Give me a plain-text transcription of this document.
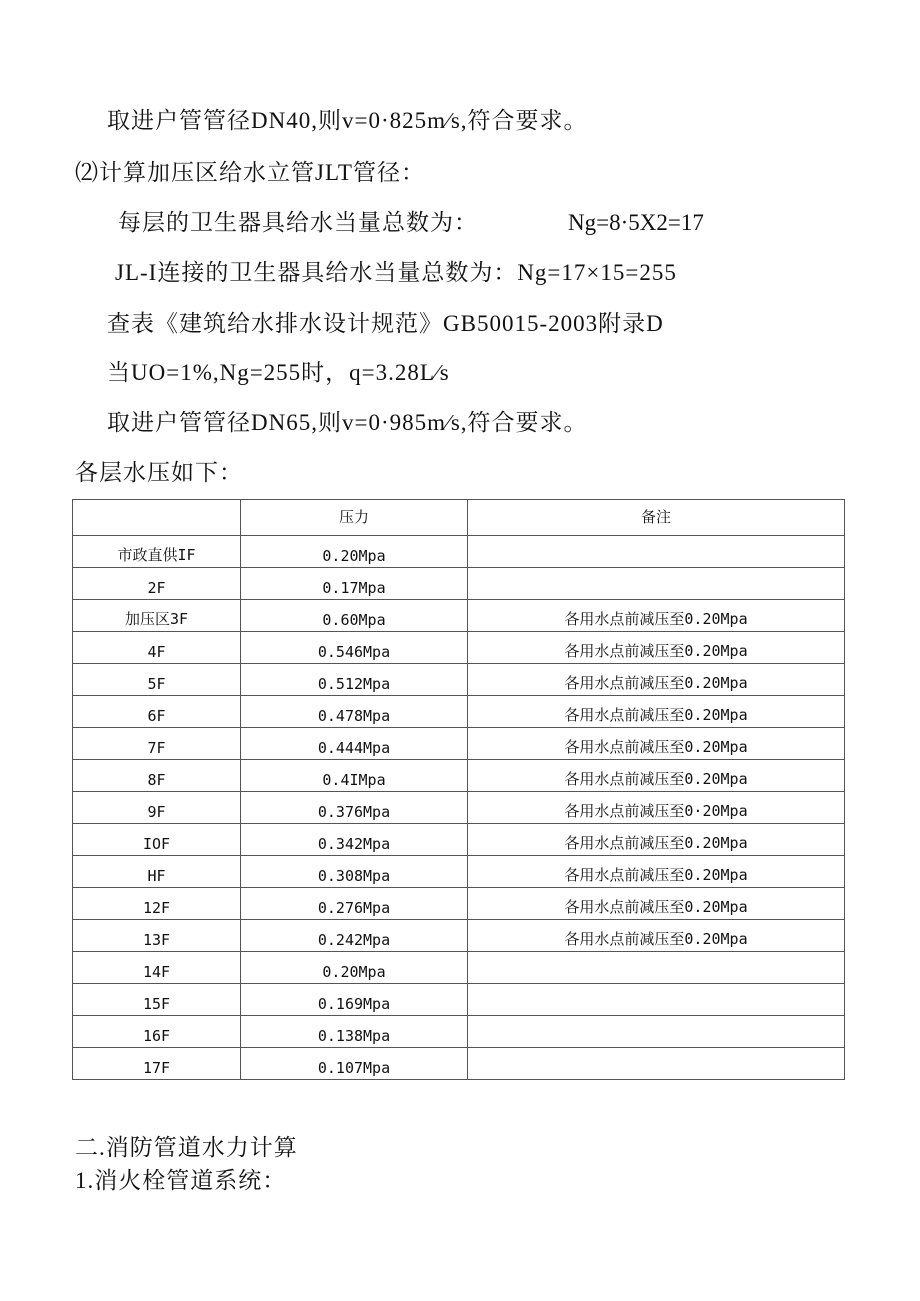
取进户管管径DN40,则v=0·825m∕s,符合要求。
⑵计算加压区给水立管JLT管径：
每层的卫生器具给水当量总数为：	Ng=8·5X2=17
JL-I连接的卫生器具给水当量总数为：Ng=17×15=255
查表《建筑给水排水设计规范》GB50015-2003附录D
当UO=1%,Ng=255时，q=3.28L∕s
取进户管管径DN65,则v=0·985m∕s,符合要求。
各层水压如下：
	压力	备注
市政直供IF	0.20Mpa	
2F	0.17Mpa	
加压区3F	0.60Mpa	各用水点前减压至0.20Mpa
4F	0.546Mpa	各用水点前减压至0.20Mpa
5F	0.512Mpa	各用水点前减压至0.20Mpa
6F	0.478Mpa	各用水点前减压至0.20Mpa
7F	0.444Mpa	各用水点前减压至0.20Mpa
8F	0.4IMpa	各用水点前减压至0.20Mpa
9F	0.376Mpa	各用水点前减压至0·20Mpa
IOF	0.342Mpa	各用水点前减压至0.20Mpa
HF	0.308Mpa	各用水点前减压至0.20Mpa
12F	0.276Mpa	各用水点前减压至0.20Mpa
13F	0.242Mpa	各用水点前减压至0.20Mpa
14F	0.20Mpa	
15F	0.169Mpa	
16F	0.138Mpa	
17F	0.107Mpa	
二.消防管道水力计算
1.消火栓管道系统：
